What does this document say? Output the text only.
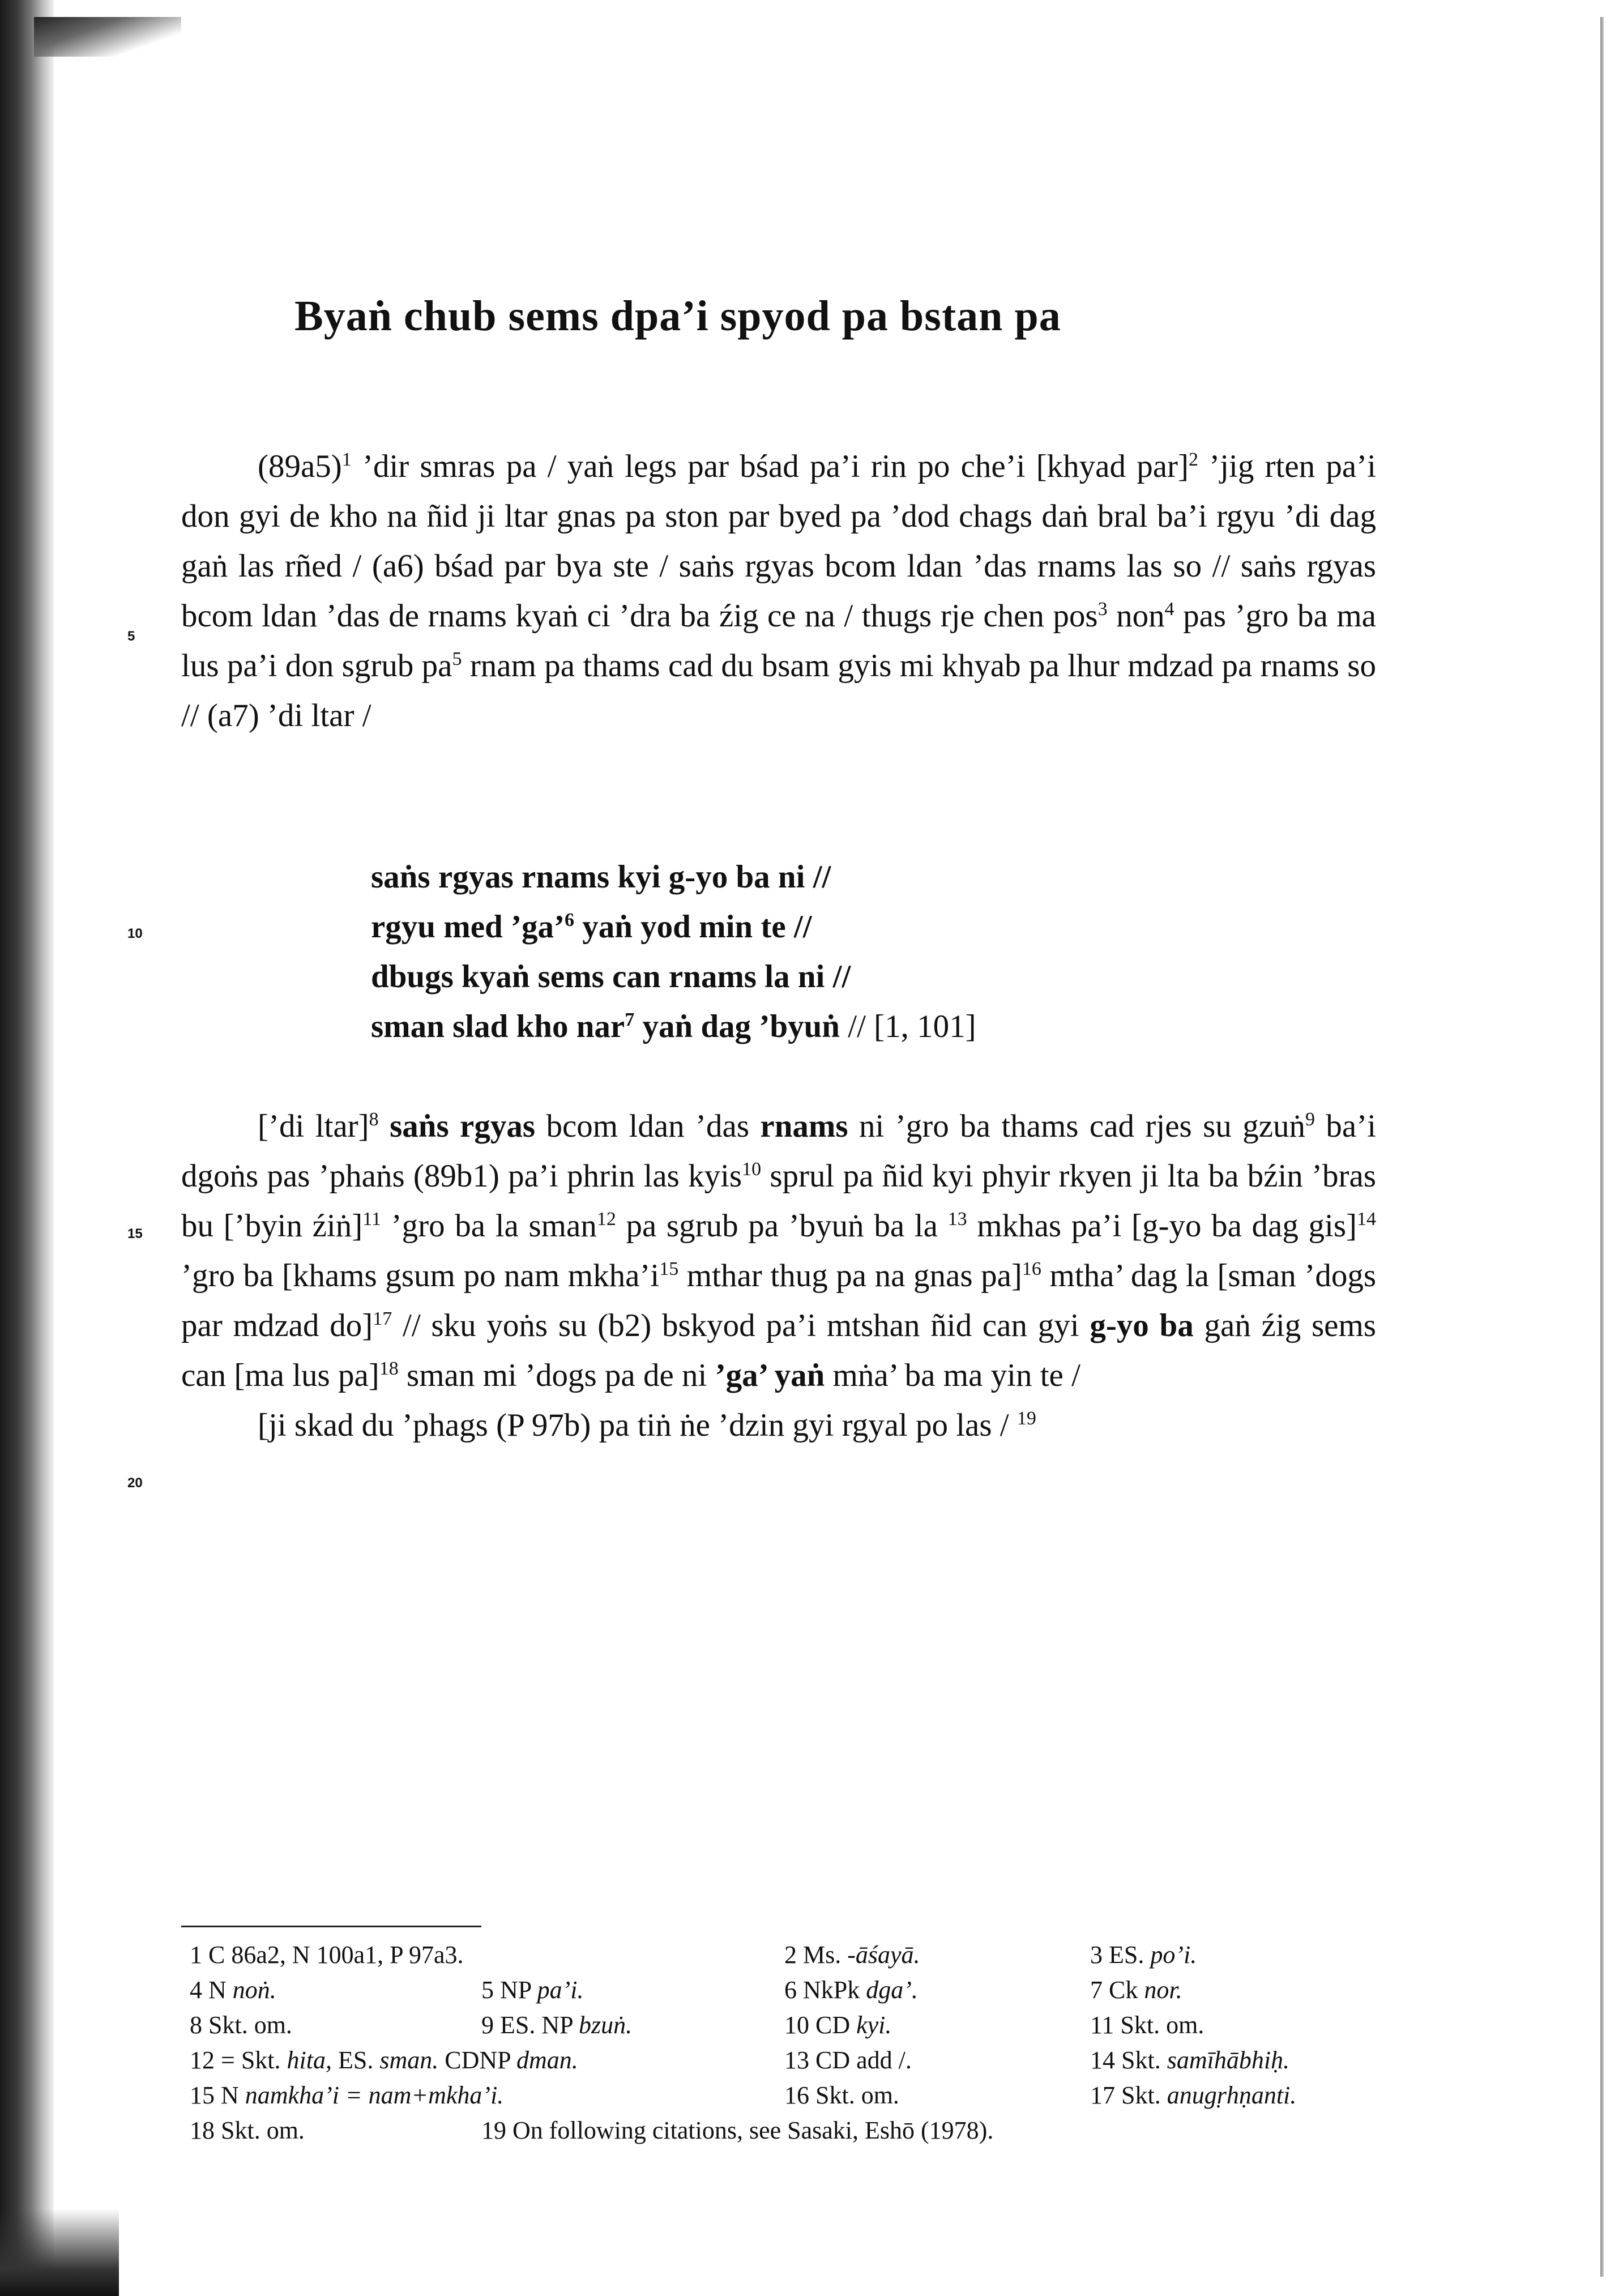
Byaṅ chub sems dpa’i spyod pa bstan pa

$(89a5)^1$ ’dir smras pa / yaṅ legs par bśad pa’i rin po che’i [khyad par]$^2$ ’jig rten pa’i don gyi de kho na ñid ji ltar gnas pa ston par byed pa ’dod chags daṅ bral ba’i rgyu ’di dag gaṅ las rñed / (a6) bśad par bya ste / saṅs rgyas bcom ldan ’das rnams las so // saṅs rgyas bcom ldan ’das de rnams kyaṅ ci ’dra ba źig ce na / thugs rje chen pos$^3$ non$^4$ pas ’gro ba ma lus pa’i don sgrub $pa^5$ rnam pa thams cad du bsam gyis mi khyab pa lhur mdzad pa rnams so // (a7) ’di ltar /

saṅs rgyas rnams kyi g-yo ba ni //
rgyu med ’ga’$^6$ yaṅ yod min te //
dbugs kyaṅ sems can rnams la ni //
sman slad kho nar$^7$ yaṅ dag ’byuṅ // [1, 101]

[’di ltar]$^8$ saṅs rgyas bcom ldan ’das rnams ni ’gro ba thams cad rjes su gzuṅ$^9$ ba’i dgoṅs pas ’phaṅs (89b1) pa’i phrin las kyis$^{10}$ sprul pa ñid kyi phyir rkyen ji lta ba bźin ’bras bu [’byin źiṅ]$^{11}$ ’gro ba la sman$^{12}$ pa sgrub pa ’byuṅ ba la $^{13}$ mkhas pa’i [g-yo ba dag gis]$^{14}$ ’gro ba [khams gsum po nam $mkha’i^{15}$ mthar thug pa na gnas pa]$^{16}$ mtha’ dag la [sman ’dogs par mdzad do]$^{17}$ // sku yoṅs su (b2) bskyod pa’i mtshan ñid can gyi g-yo ba gaṅ źig sems can [ma lus pa]$^{18}$ sman mi ’dogs pa de ni ’ga’ yaṅ mṅa’ ba ma yin te /

[ji skad du ’phags (P 97b) pa tiṅ ṅe ’dzin gyi rgyal po las / $^{19}$

5
10
15
20
1 C 86a2, N 100a1, P 97a3.	2 Ms. -āśayā.	3 ES. po’i.
4 N noṅ.	5 NP pa’i.	6 NkPk dga’.	7 Ck nor.
8 Skt. om.	9 ES. NP bzuṅ.	10 CD kyi.	11 Skt. om.
12 = Skt. hita, ES. sman. CDNP dman.	13 CD add /.	14 Skt. samīhābhiḥ.
15 N namkha’i = nam+mkha’i.	16 Skt. om.	17 Skt. anugṛhṇanti.
18 Skt. om.	19 On following citations, see Sasaki, Eshō (1978).
